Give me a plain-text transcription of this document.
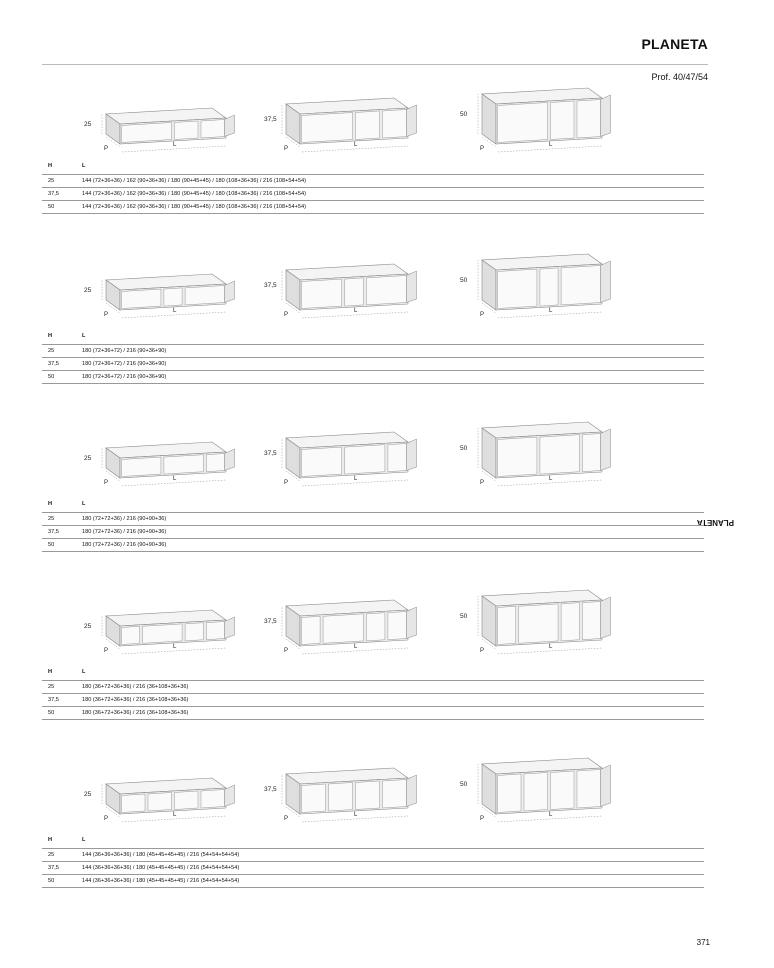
PLANETA
Prof. 40/47/54
PLANETA
371
25
P
L
37,5
P
L
50
P
L
H	L
25	144 (72+36+36) / 162 (90+36+36) / 180 (90+45+45) / 180 (108+36+36) / 216 (108+54+54)
37,5	144 (72+36+36) / 162 (90+36+36) / 180 (90+45+45) / 180 (108+36+36) / 216 (108+54+54)
50	144 (72+36+36) / 162 (90+36+36) / 180 (90+45+45) / 180 (108+36+36) / 216 (108+54+54)
25
P
L
37,5
P
L
50
P
L
H	L
25	180 (72+36+72) / 216 (90+36+90)
37,5	180 (72+36+72) / 216 (90+36+90)
50	180 (72+36+72) / 216 (90+36+90)
25
P
L
37,5
P
L
50
P
L
H	L
25	180 (72+72+36) / 216 (90+90+36)
37,5	180 (72+72+36) / 216 (90+90+36)
50	180 (72+72+36) / 216 (90+90+36)
25
P
L
37,5
P
L
50
P
L
H	L
25	180 (36+72+36+36) / 216 (36+108+36+36)
37,5	180 (36+72+36+36) / 216 (36+108+36+36)
50	180 (36+72+36+36) / 216 (36+108+36+36)
25
P
L
37,5
P
L
50
P
L
H	L
25	144 (36+36+36+36) / 180 (45+45+45+45) / 216 (54+54+54+54)
37,5	144 (36+36+36+36) / 180 (45+45+45+45) / 216 (54+54+54+54)
50	144 (36+36+36+36) / 180 (45+45+45+45) / 216 (54+54+54+54)
